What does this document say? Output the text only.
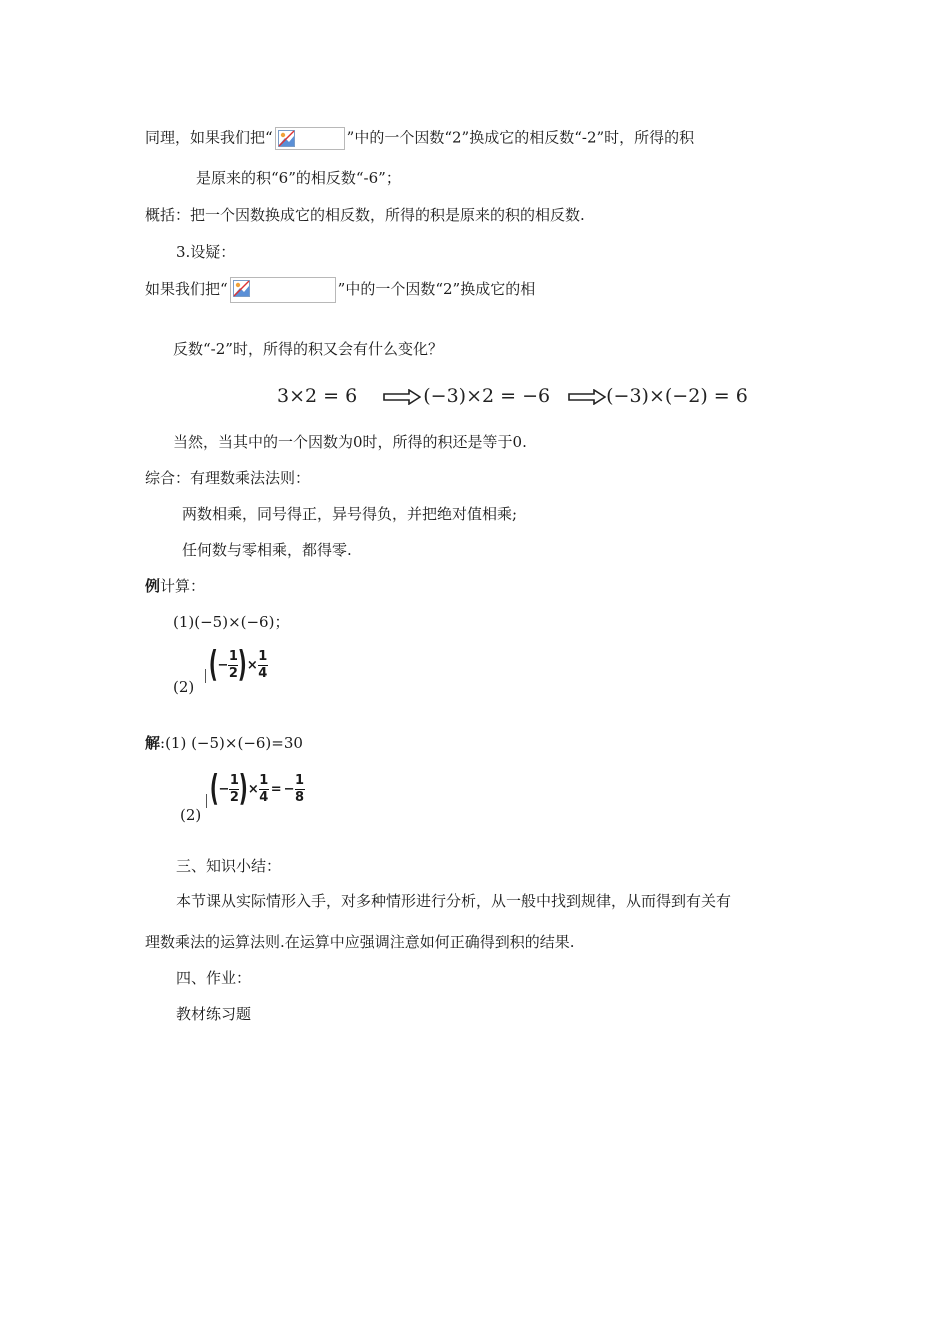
同理，如果我们把“	”中的一个因数“2”换成它的相反数“-2”时，所得的积
是原来的积“6”的相反数“-6”；
概括：把一个因数换成它的相反数，所得的积是原来的积的相反数.
3.设疑：
如果我们把“	”中的一个因数“2”换成它的相
反数“-2”时，所得的积又会有什么变化？
3×2 = 6	(−3)×2 = −6	(−3)×(−2) = 6
当然，当其中的一个因数为0时，所得的积还是等于0.
综合：有理数乘法法则：
两数相乘，同号得正，异号得负，并把绝对值相乘;
任何数与零相乘，都得零.
例计算：
(1)(−5)×(−6)；
(2)
( − $\frac{1}{2}$ ) × $\frac{1}{4}$
解:(1) (−5)×(−6)=30
(2)
( − $\frac{1}{2}$ ) × $\frac{1}{4}$ = − $\frac{1}{8}$
三、知识小结：
本节课从实际情形入手，对多种情形进行分析，从一般中找到规律，从而得到有关有
理数乘法的运算法则.在运算中应强调注意如何正确得到积的结果.
四、作业：
教材练习题
